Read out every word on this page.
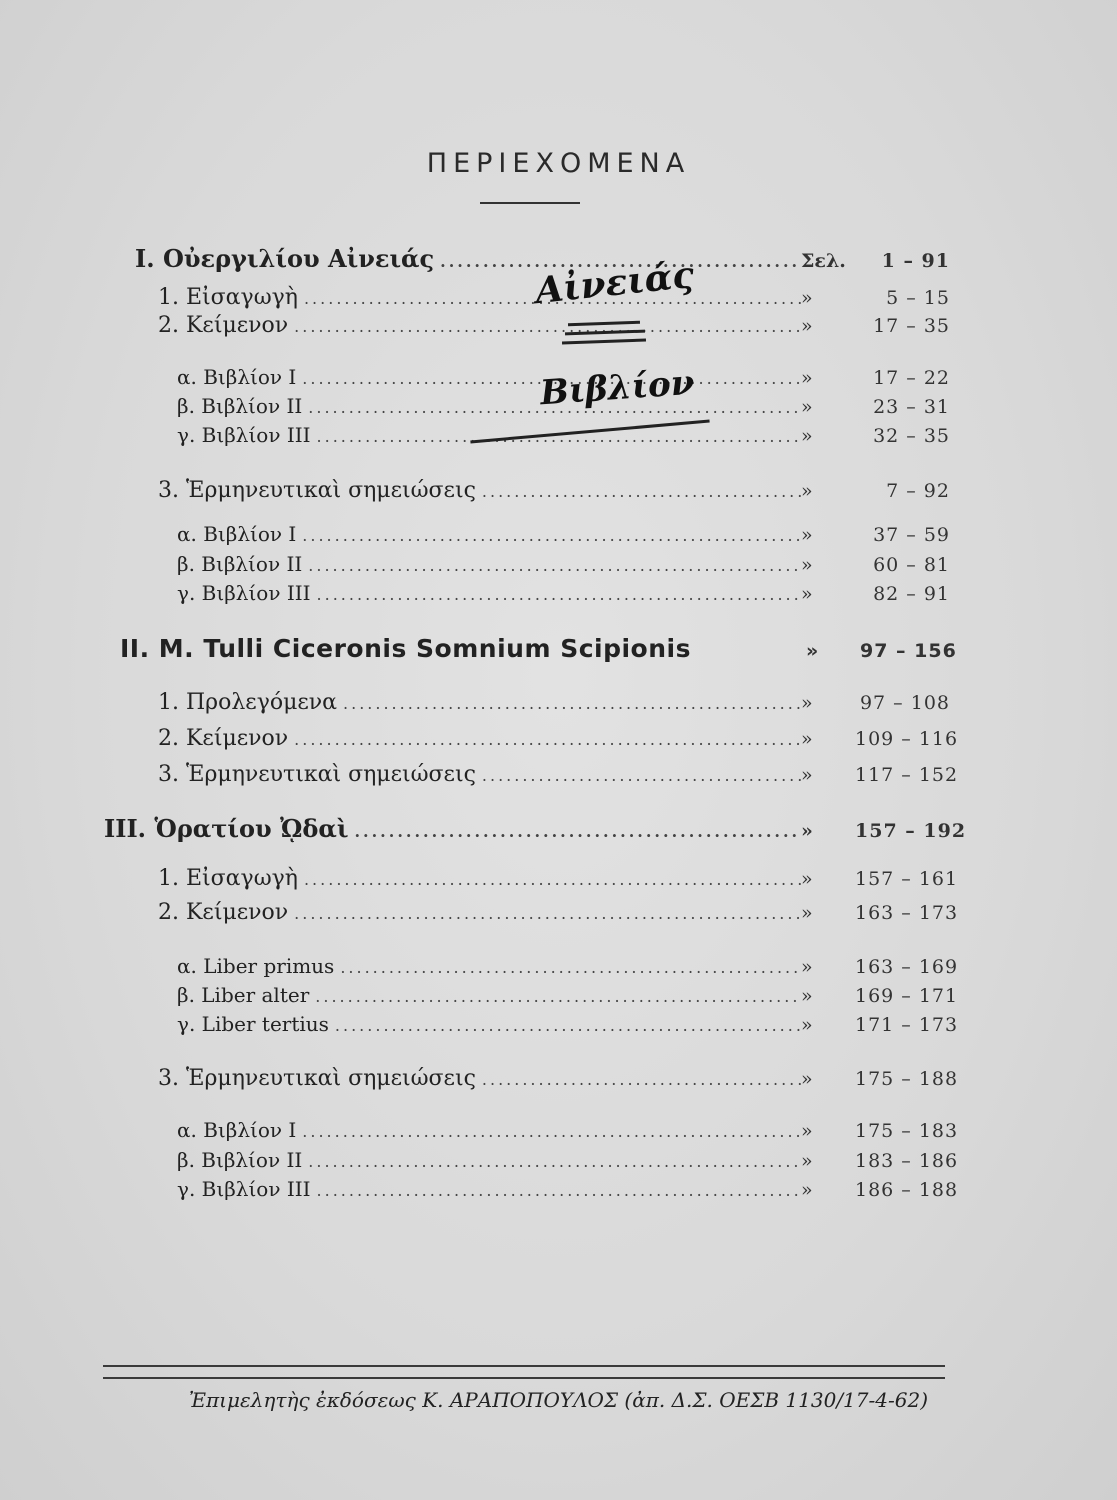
ΠΕΡΙΕΧΟΜΕΝΑ
I. Οὐεργιλίου Αἰνειάς .....	Σελ.	1 – 91
1. Εἰσαγωγὴ .....	»	5 – 15
2. Κείμενον .....	»	17 – 35
α. Βιβλίον I .....	»	17 – 22
β. Βιβλίον II .....	»	23 – 31
γ. Βιβλίον III .....	»	32 – 35
3. Ἑρμηνευτικαὶ σημειώσεις .....	»	7 – 92
α. Βιβλίον I .....	»	37 – 59
β. Βιβλίον II .....	»	60 – 81
γ. Βιβλίον III .....	»	82 – 91
II. M. Tulli Ciceronis Somnium Scipionis	»	97 – 156
1. Προλεγόμενα .....	»	97 – 108
2. Κείμενον .....	»	109 – 116
3. Ἑρμηνευτικαὶ σημειώσεις .....	»	117 – 152
III. Ὁρατίου ᾨδαὶ .....	»	157 – 192
1. Εἰσαγωγὴ .....	»	157 – 161
2. Κείμενον .....	»	163 – 173
α. Liber primus .....	»	163 – 169
β. Liber alter .....	»	169 – 171
γ. Liber tertius .....	»	171 – 173
3. Ἑρμηνευτικαὶ σημειώσεις .....	»	175 – 188
α. Βιβλίον I .....	»	175 – 183
β. Βιβλίον II .....	»	183 – 186
γ. Βιβλίον III .....	»	186 – 188
Αἰνειάς
Βιβλίον
Ἐπιμελητὴς ἐκδόσεως Κ. ΑΡΑΠΟΠΟΥΛΟΣ (ἀπ. Δ.Σ. ΟΕΣΒ 1130/17-4-62)
